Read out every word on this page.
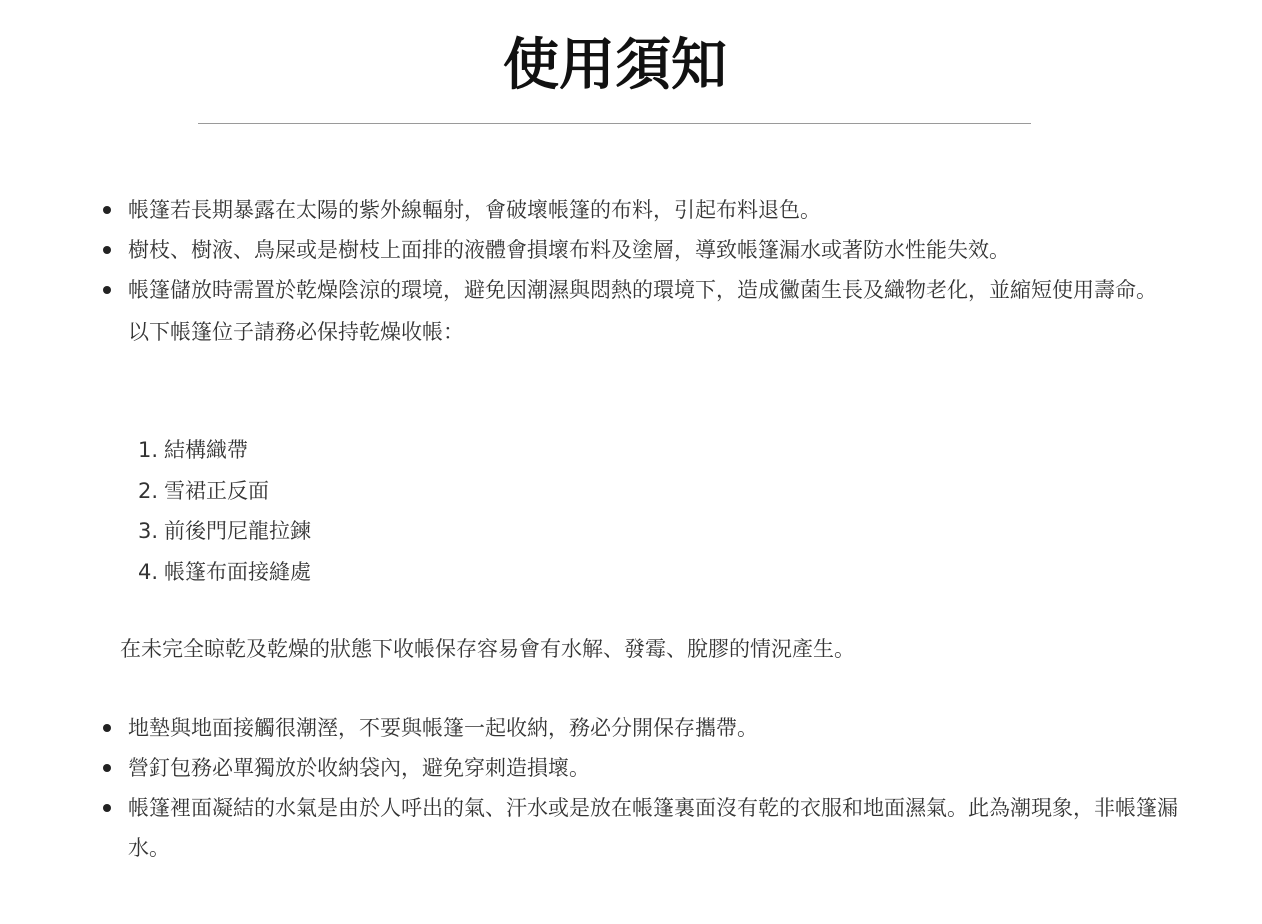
使用須知
帳篷若長期暴露在太陽的紫外線輻射，會破壞帳篷的布料，引起布料退色。
樹枝、樹液、鳥屎或是樹枝上面排的液體會損壞布料及塗層，導致帳篷漏水或著防水性能失效。
帳篷儲放時需置於乾燥陰涼的環境，避免因潮濕與悶熱的環境下，造成黴菌生長及織物老化，並縮短使用壽命。
以下帳篷位子請務必保持乾燥收帳：
1. 結構織帶
2. 雪裙正反面
3. 前後門尼龍拉鍊
4. 帳篷布面接縫處

在未完全晾乾及乾燥的狀態下收帳保存容易會有水解、發霉、脫膠的情況產生。

地墊與地面接觸很潮溼，不要與帳篷一起收納，務必分開保存攜帶。
營釘包務必單獨放於收納袋內，避免穿刺造損壞。
帳篷裡面凝結的水氣是由於人呼出的氣、汗水或是放在帳篷裏面沒有乾的衣服和地面濕氣。此為潮現象，非帳篷漏水。
